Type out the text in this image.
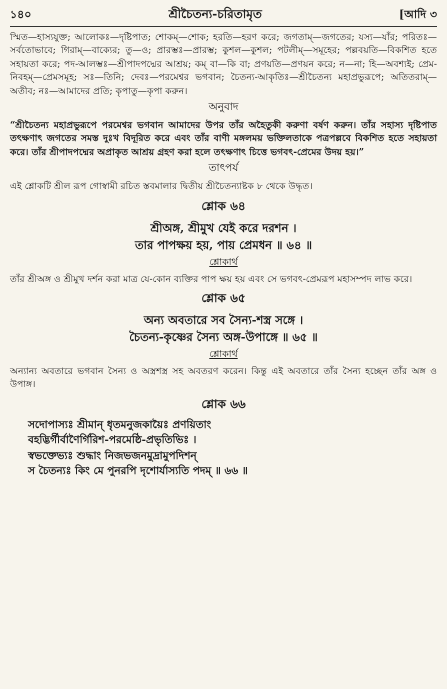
১৪০	শ্রীচৈতন্য-চরিতামৃত	[আদি ৩

স্মিত—হাস্যযুক্ত; আলোকঃ—দৃষ্টিপাত; শোকম্—শোক; হরতি—হরণ করে; জগতাম্—জগতের; যস্য—যাঁর; পরিতঃ—সর্বতোভাবে; গিরাম্—বাক্যের; তু—ও; প্রারম্ভঃ—প্রারম্ভ; কুশল—কুশল; পটলীম্—সমূহের; পল্লবয়তি—বিকশিত হতে সহায়তা করে; পদ-আলম্ভঃ—শ্রীপাদপদ্মের আশ্রয়; কম্ বা—কি বা; প্রণয়তি—প্রণয়ন করে; ন—না; হি—অবশ্যই; প্রেম-নিবহম্—প্রেমসমূহ; সঃ—তিনি; দেবঃ—পরমেশ্বর ভগবান; চৈতন্য-আকৃতিঃ—শ্রীচৈতন্য মহাপ্রভুরূপে; অতিতরাম্—অতীব; নঃ—আমাদের প্রতি; কৃপাতু—কৃপা করুন।

অনুবাদ

“শ্রীচৈতন্য মহাপ্রভুরূপে পরমেশ্বর ভগবান আমাদের উপর তাঁর অহৈতুকী করুণা বর্ষণ করুন। তাঁর সহাস্য দৃষ্টিপাত তৎক্ষণাৎ জগতের সমস্ত দুঃখ বিদূরিত করে এবং তাঁর বাণী মঙ্গলময় ভক্তিলতাকে পত্রপল্লবে বিকশিত হতে সহায়তা করে। তাঁর শ্রীপাদপদ্মের অপ্রাকৃত আশ্রয় গ্রহণ করা হলে তৎক্ষণাৎ চিত্তে ভগবৎ-প্রেমের উদয় হয়।”

তাৎপর্য

এই শ্লোকটি শ্রীল রূপ গোস্বামী রচিত স্তবমালার দ্বিতীয় শ্রীচৈতন্যাষ্টক ৮ থেকে উদ্ধৃত।

শ্লোক ৬৪
শ্রীঅঙ্গ, শ্রীমুখ যেই করে দরশন ।
তার পাপক্ষয় হয়, পায় প্রেমধন ॥ ৬৪ ॥
শ্লোকার্থ

তাঁর শ্রীঅঙ্গ ও শ্রীমুখ দর্শন করা মাত্র যে-কোন ব্যক্তির পাপ ক্ষয় হয় এবং সে ভগবৎ-প্রেমরূপ মহাসম্পদ লাভ করে।

শ্লোক ৬৫
অন্য অবতারে সব সৈন্য-শস্ত্র সঙ্গে ।
চৈতন্য-কৃষ্ণের সৈন্য অঙ্গ-উপাঙ্গে ॥ ৬৫ ॥
শ্লোকার্থ

অন্যান্য অবতারে ভগবান সৈন্য ও অস্ত্রশস্ত্র সহ অবতরণ করেন। কিন্তু এই অবতারে তাঁর সৈন্য হচ্ছেন তাঁর অঙ্গ ও উপাঙ্গ।

শ্লোক ৬৬
সদোপাস্যঃ শ্রীমান্ ধৃতমনুজকায়ৈঃ প্রণয়িতাং
বহদ্ভির্গীর্বাণৈর্গিরিশ-পরমেষ্ঠি-প্রভৃতিভিঃ ।
স্বভক্তেভ্যঃ শুদ্ধাং নিজভজনমুদ্রামুপদিশন্
স চৈতন্যঃ কিং মে পুনরপি দৃশোর্যাস্যতি পদম্ ॥ ৬৬ ॥
